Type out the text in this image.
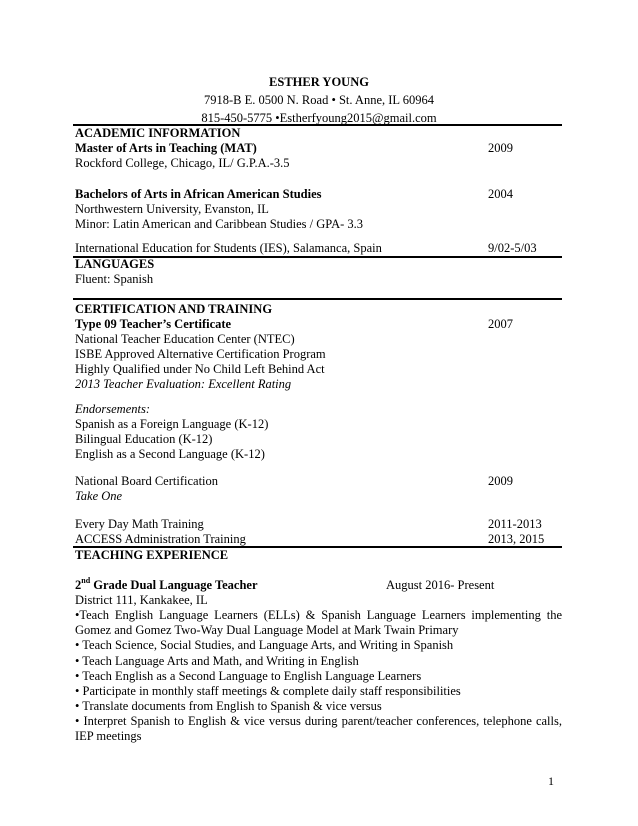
ESTHER YOUNG
7918-B E. 0500 N. Road • St. Anne, IL 60964
815-450-5775 •Estherfyoung2015@gmail.com
ACADEMIC INFORMATION
Master of Arts in Teaching (MAT)	2009
Rockford College, Chicago, IL/ G.P.A.-3.5
Bachelors of Arts in African American Studies	2004
Northwestern University, Evanston, IL
Minor: Latin American and Caribbean Studies / GPA- 3.3
International Education for Students (IES), Salamanca, Spain	9/02-5/03
LANGUAGES
Fluent: Spanish
CERTIFICATION AND TRAINING
Type 09 Teacher’s Certificate	2007
National Teacher Education Center (NTEC)
ISBE Approved Alternative Certification Program
Highly Qualified under No Child Left Behind Act
2013 Teacher Evaluation: Excellent Rating
Endorsements:
Spanish as a Foreign Language (K-12)
Bilingual Education (K-12)
English as a Second Language (K-12)
National Board Certification	2009
Take One
Every Day Math Training	2011-2013
ACCESS Administration Training	2013, 2015
TEACHING EXPERIENCE
2nd Grade Dual Language Teacher	August 2016- Present
District 111, Kankakee, IL
•Teach English Language Learners (ELLs) & Spanish Language Learners implementing the
Gomez and Gomez Two-Way Dual Language Model at Mark Twain Primary
• Teach Science, Social Studies, and Language Arts, and Writing in Spanish
• Teach Language Arts and Math, and Writing in English
• Teach English as a Second Language to English Language Learners
• Participate in monthly staff meetings & complete daily staff responsibilities
• Translate documents from English to Spanish & vice versus
• Interpret Spanish to English & vice versus during parent/teacher conferences, telephone calls,
IEP meetings
1
